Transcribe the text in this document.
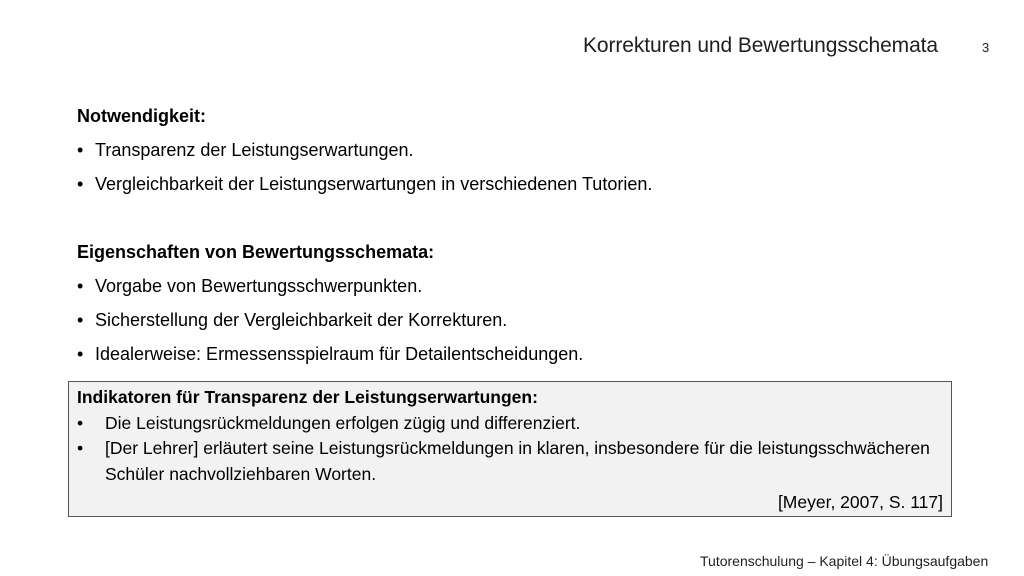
Korrekturen und Bewertungsschemata	3
Notwendigkeit:
• Transparenz der Leistungserwartungen.
• Vergleichbarkeit der Leistungserwartungen in verschiedenen Tutorien.
Eigenschaften von Bewertungsschemata:
• Vorgabe von Bewertungsschwerpunkten.
• Sicherstellung der Vergleichbarkeit der Korrekturen.
• Idealerweise: Ermessensspielraum für Detailentscheidungen.
Indikatoren für Transparenz der Leistungserwartungen:
• Die Leistungsrückmeldungen erfolgen zügig und differenziert.
• [Der Lehrer] erläutert seine Leistungsrückmeldungen in klaren, insbesondere für die leistungsschwächeren Schüler nachvollziehbaren Worten.
[Meyer, 2007, S. 117]
Tutorenschulung – Kapitel 4: Übungsaufgaben
